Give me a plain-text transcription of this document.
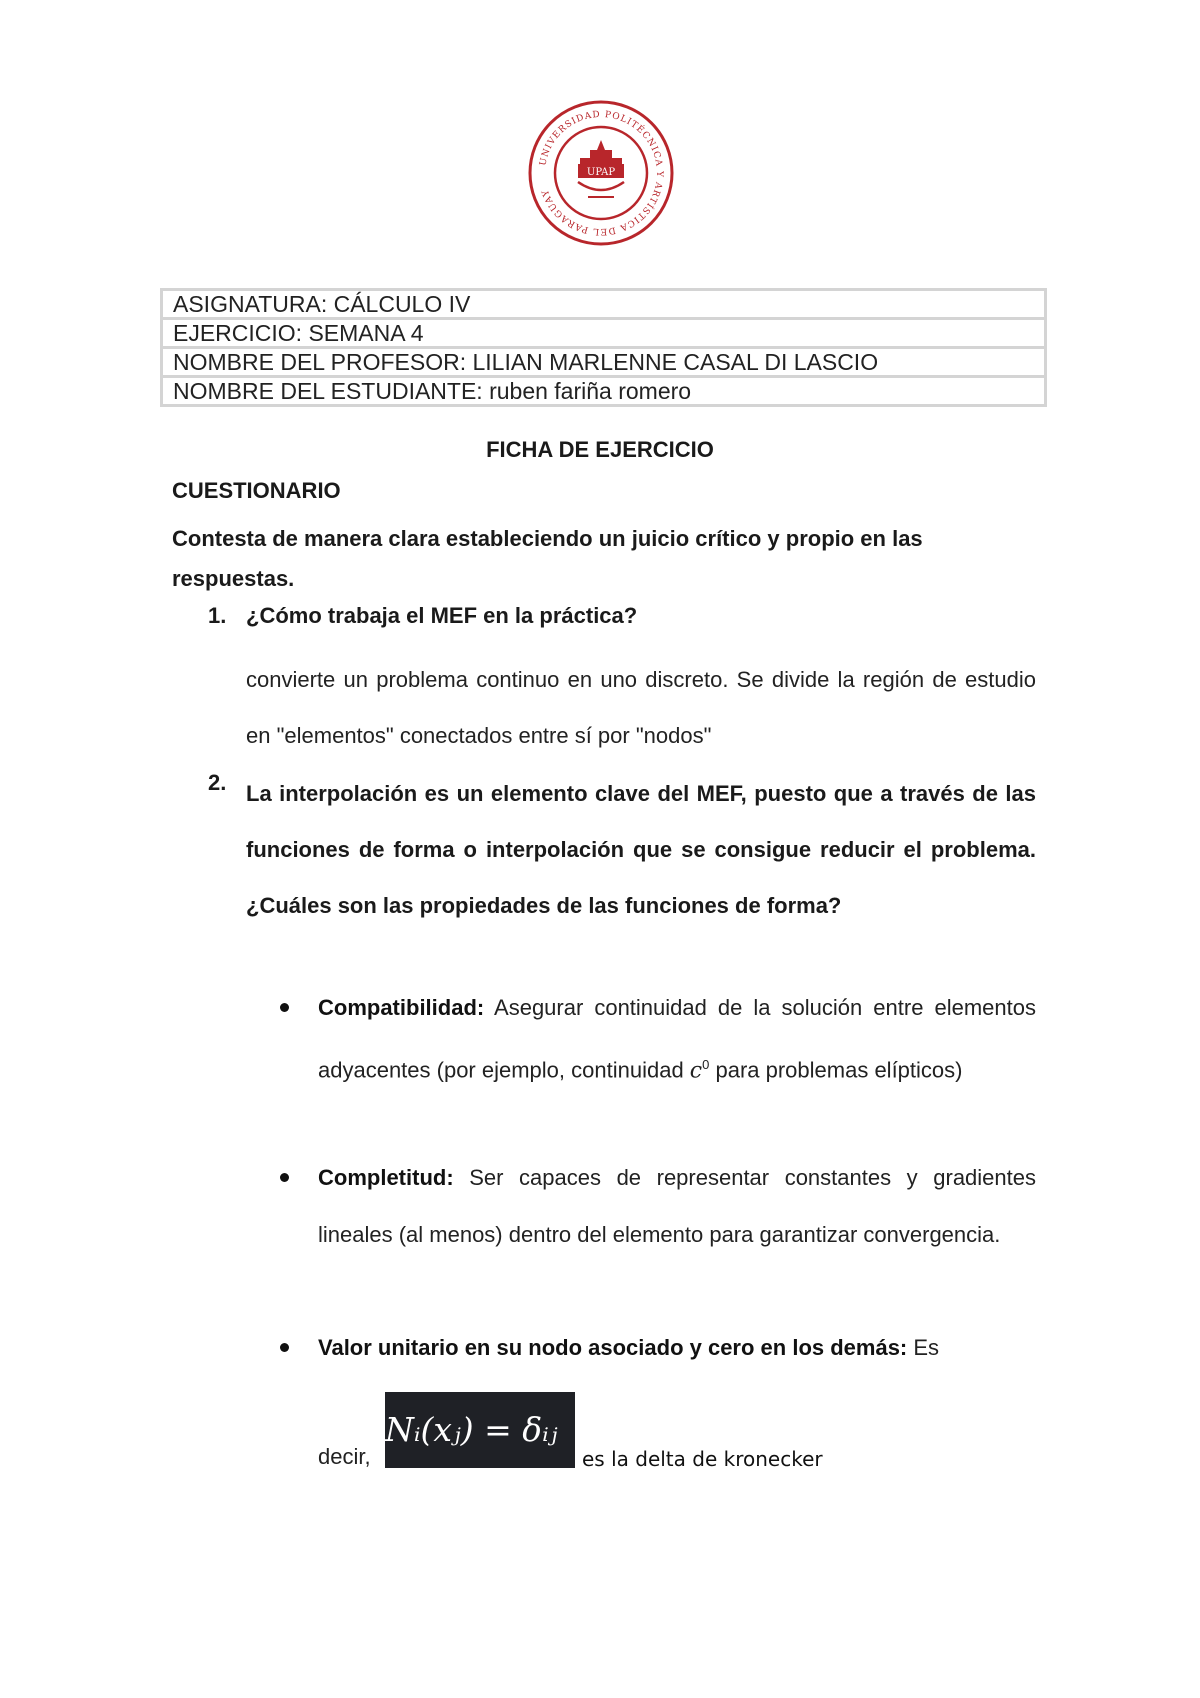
UNIVERSIDAD POLITÉCNICA Y ARTÍSTICA DEL PARAGUAY
UPAP
ASIGNATURA: CÁLCULO IV
EJERCICIO: SEMANA 4
NOMBRE DEL PROFESOR: LILIAN MARLENNE CASAL DI LASCIO
NOMBRE DEL ESTUDIANTE: ruben fariña romero
FICHA DE EJERCICIO
CUESTIONARIO
Contesta de manera clara estableciendo un juicio crítico y propio en las respuestas.
1. ¿Cómo trabaja el MEF en la práctica?
convierte un problema continuo en uno discreto. Se divide la región de estudio en "elementos" conectados entre sí por "nodos"
2. La interpolación es un elemento clave del MEF, puesto que a través de las funciones de forma o interpolación que se consigue reducir el problema. ¿Cuáles son las propiedades de las funciones de forma?
Compatibilidad: Asegurar continuidad de la solución entre elementos adyacentes (por ejemplo, continuidad $c^0$ para problemas elípticos)
Completitud: Ser capaces de representar constantes y gradientes lineales (al menos) dentro del elemento para garantizar convergencia.
Valor unitario en su nodo asociado y cero en los demás: Es
decir,
Nᵢ(xⱼ) = δᵢⱼ
es la delta de kronecker
